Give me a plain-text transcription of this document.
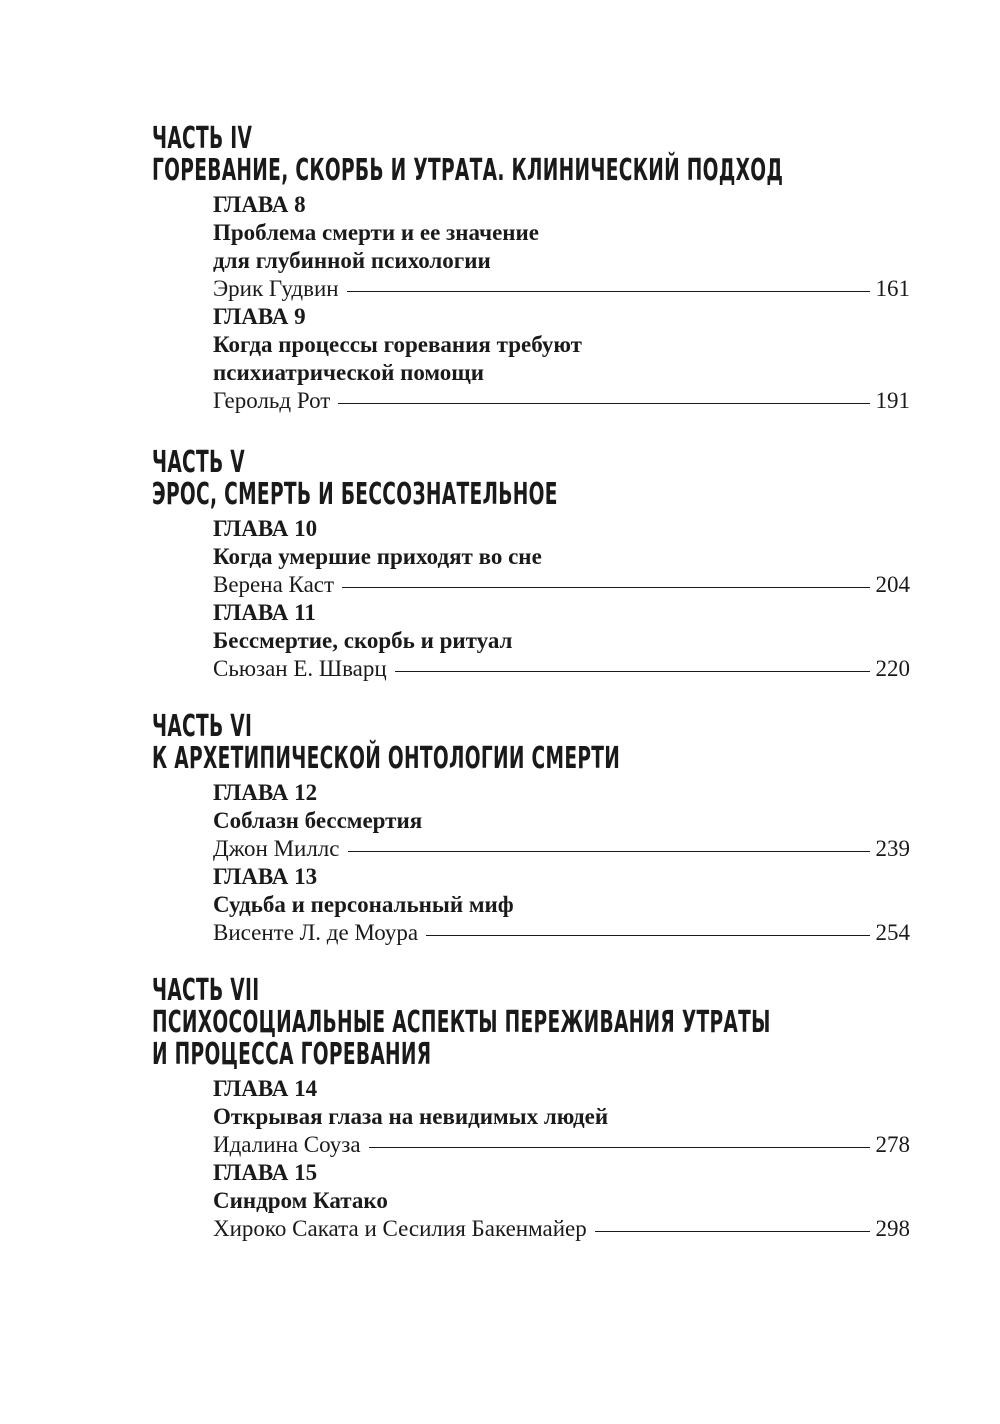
ЧАСТЬ IV
ГОРЕВАНИЕ, СКОРБЬ И УТРАТА. КЛИНИЧЕСКИЙ ПОДХОД
ГЛАВА 8
Проблема смерти и ее значение
для глубинной психологии
Эрик Гудвин	161
ГЛАВА 9
Когда процессы горевания требуют
психиатрической помощи
Герольд Рот	191
ЧАСТЬ V
ЭРОС, СМЕРТЬ И БЕССОЗНАТЕЛЬНОЕ
ГЛАВА 10
Когда умершие приходят во сне
Верена Каст	204
ГЛАВА 11
Бессмертие, скорбь и ритуал
Сьюзан Е. Шварц	220
ЧАСТЬ VI
К АРХЕТИПИЧЕСКОЙ ОНТОЛОГИИ СМЕРТИ
ГЛАВА 12
Соблазн бессмертия
Джон Миллс	239
ГЛАВА 13
Судьба и персональный миф
Висенте Л. де Моура	254
ЧАСТЬ VII
ПСИХОСОЦИАЛЬНЫЕ АСПЕКТЫ ПЕРЕЖИВАНИЯ УТРАТЫ
И ПРОЦЕССА ГОРЕВАНИЯ
ГЛАВА 14
Открывая глаза на невидимых людей
Идалина Соуза	278
ГЛАВА 15
Синдром Катако
Хироко Саката и Сесилия Бакенмайер	298
